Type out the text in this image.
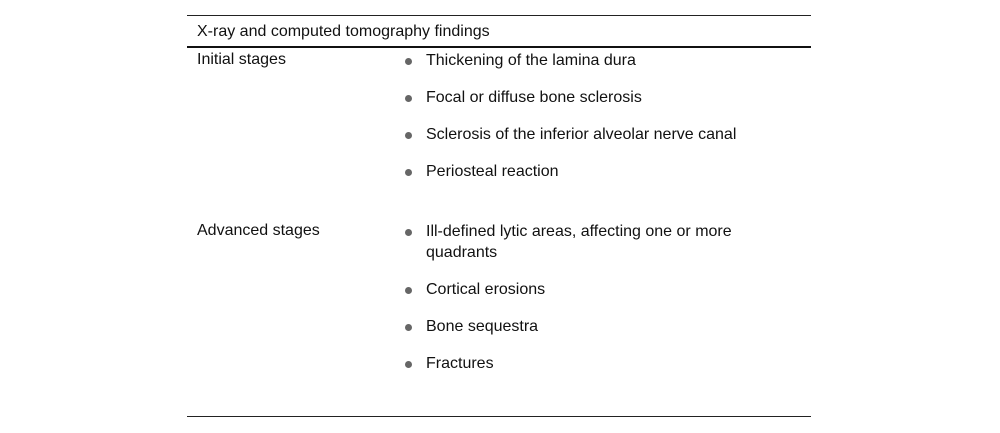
X-ray and computed tomography findings
Initial stages	Thickening of the lamina dura
Focal or diffuse bone sclerosis
Sclerosis of the inferior alveolar nerve canal
Periosteal reaction
Advanced stages	Ill-defined lytic areas, affecting one or more quadrants
Cortical erosions
Bone sequestra
Fractures
